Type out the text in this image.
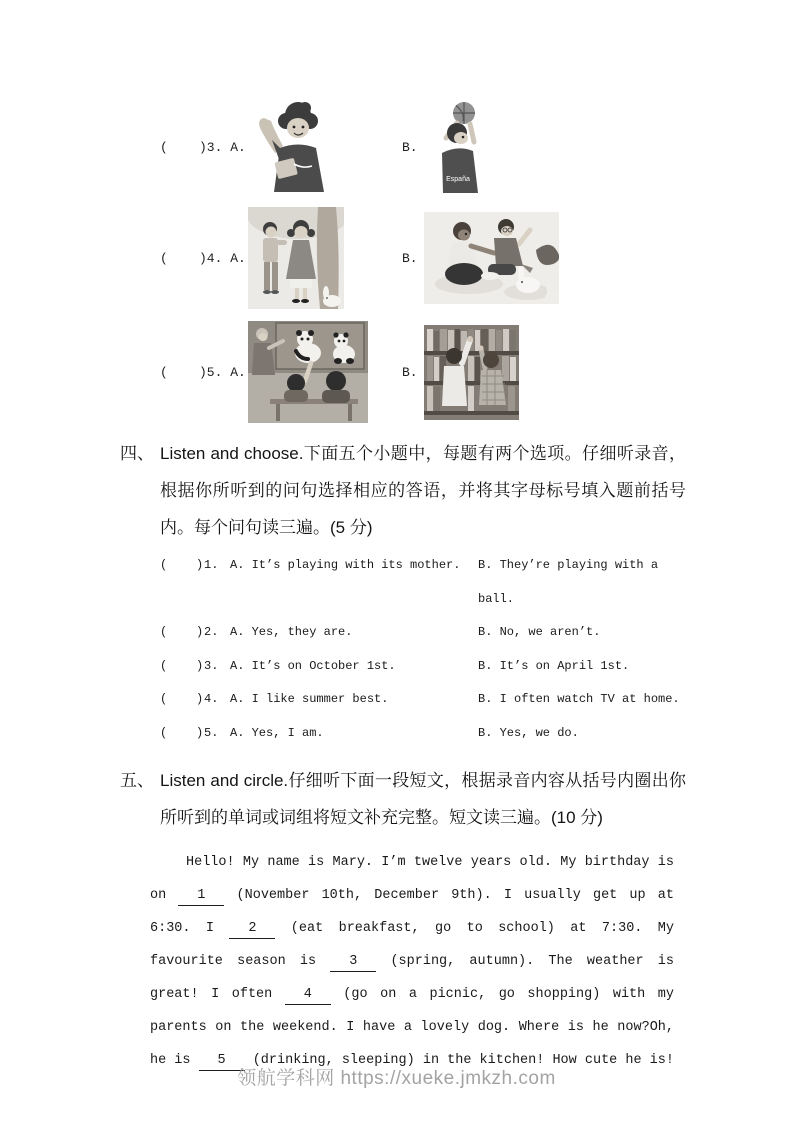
(    )3. A.	B.
España
(    )4. A.	B.
(    )5. A.	B.

四、 Listen and choose.下面五个小题中，每题有两个选项。仔细听录音，根据你所听到的问句选择相应的答语，并将其字母标号填入题前括号内。每个问句读三遍。(5 分)

(    ) 1. A. It’s playing with its mother.	B. They’re playing with a ball.
(    ) 2. A. Yes, they are.	B. No, we aren’t.
(    ) 3. A. It’s on October 1st.	B. It’s on April 1st.
(    ) 4. A. I like summer best.	B. I often watch TV at home.
(    ) 5. A. Yes, I am.	B. Yes, we do.

五、 Listen and circle.仔细听下面一段短文，根据录音内容从括号内圈出你所听到的单词或词组将短文补充完整。短文读三遍。(10 分)

Hello! My name is Mary. I’m twelve years old. My birthday is on 1 (November 10th, December 9th). I usually get up at 6:30. I 2 (eat breakfast, go to school) at 7:30. My favourite season is 3 (spring, autumn). The weather is great! I often 4 (go on a picnic, go shopping) with my parents on the weekend. I have a lovely dog. Where is he now?Oh, he is 5 (drinking, sleeping) in the kitchen! How cute he is!

领航学科网 https://xueke.jmkzh.com
